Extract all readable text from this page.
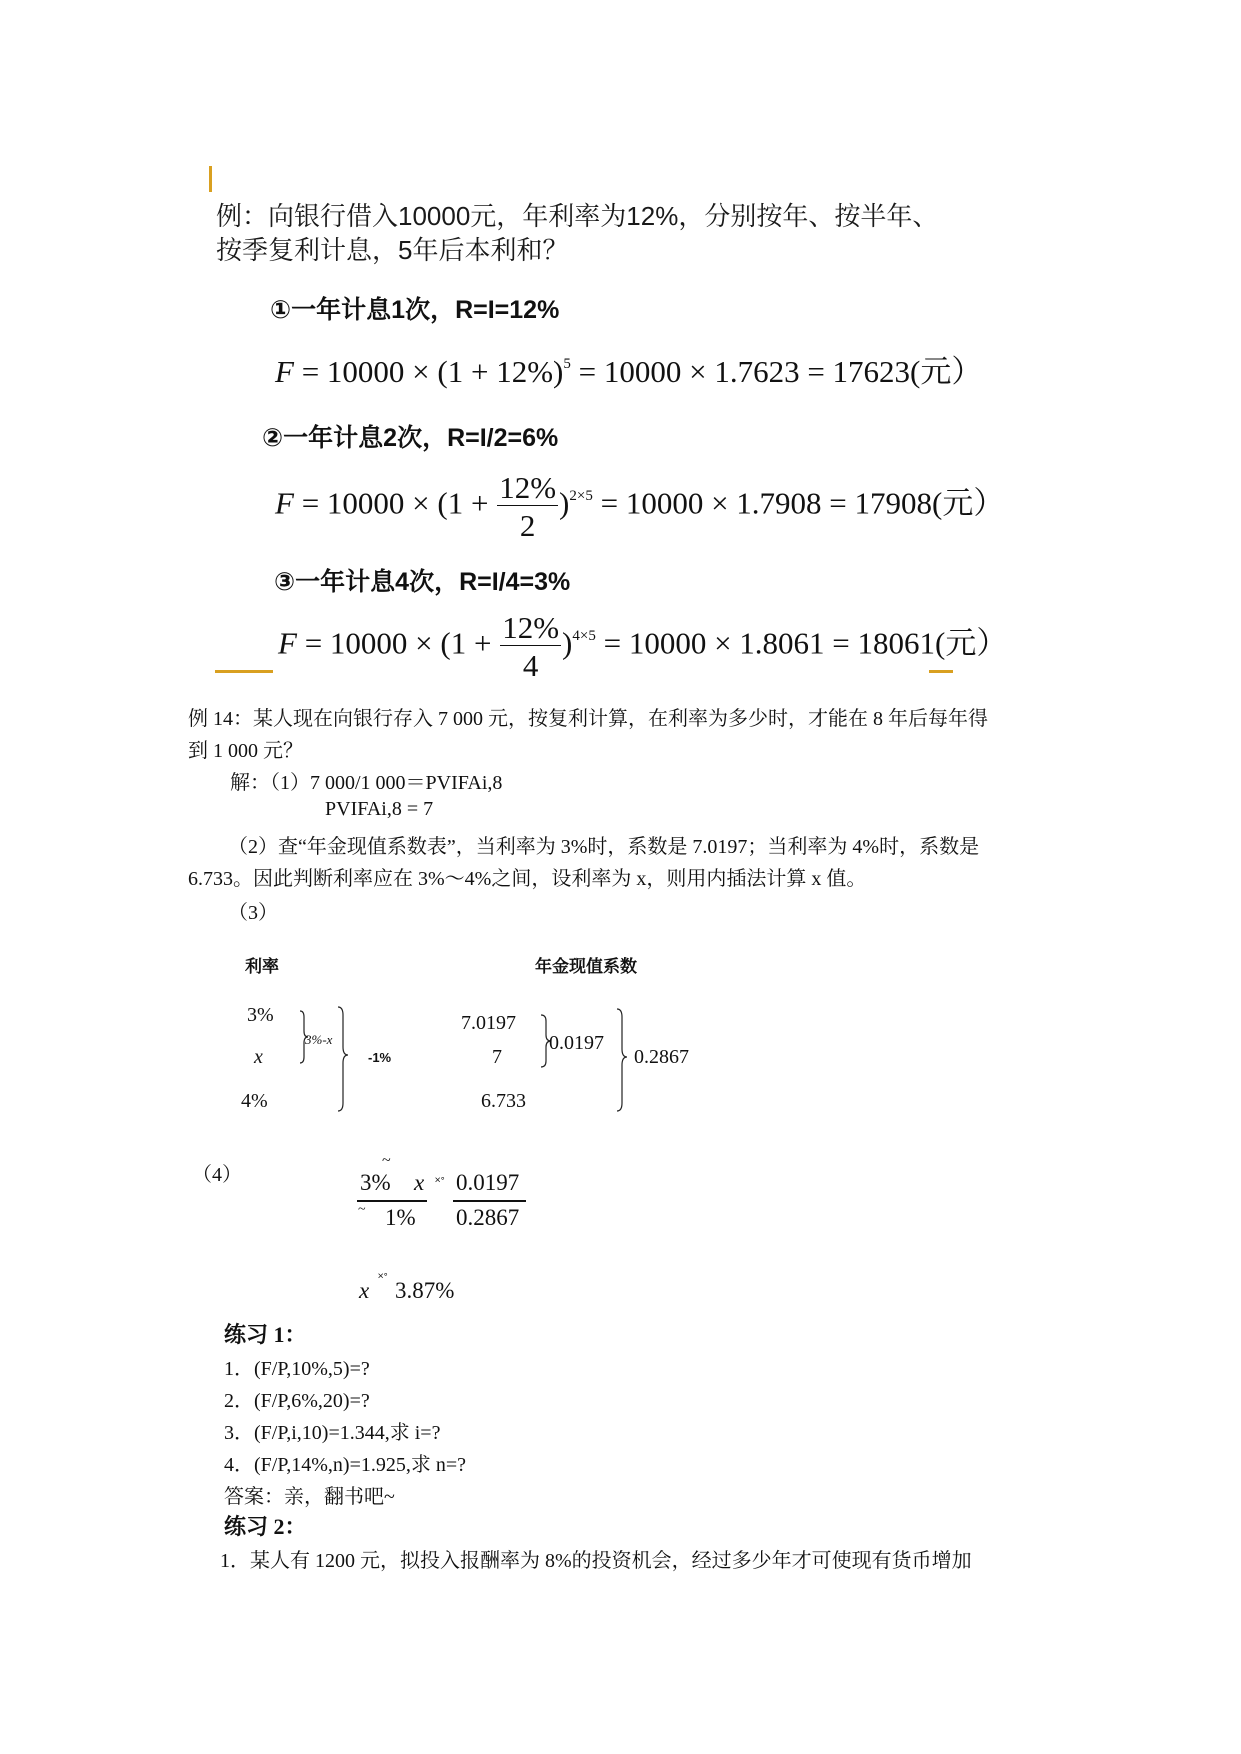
例：向银行借入10000元，年利率为12%，分别按年、按半年、
按季复利计息，5年后本利和？
①一年计息1次，R=I=12%
$F = 10000 \times (1 + 12\%)^5 = 10000 \times 1.7623 = 17623$(元）
②一年计息2次，R=I/2=6%
$F = 10000 \times (1 + \frac{12\%}{2} )^{2\times 5} = 10000 \times 1.7908 = 17908$(元）
③一年计息4次，R=I/4=3%
$F = 10000 \times (1 + \frac{12\%}{4} )^{4\times 5} = 10000 \times 1.8061 = 18061$(元）
例 14：某人现在向银行存入 7 000 元，按复利计算，在利率为多少时，才能在 8 年后每年得
到 1 000 元？
解：（1）7 000/1 000＝PVIFAi,8
PVIFAi,8 = 7
（2）查“年金现值系数表”，当利率为 3%时，系数是 7.0197；当利率为 4%时，系数是
6.733。因此判断利率应在 3%～4%之间，设利率为 x，则用内插法计算 x 值。
（3）
利率	年金现值系数
3%
x
4%
3%-x
-1%
7.0197
7
6.733
0.0197
0.2867
（4）
~
3% x ˟˚ 0.0197
~ 1% 0.2867
x ˟˚ 3.87%
练习 1：
1．(F/P,10%,5)=?
2．(F/P,6%,20)=?
3．(F/P,i,10)=1.344,求 i=?
4．(F/P,14%,n)=1.925,求 n=?
答案：亲，翻书吧~
练习 2：
1．某人有 1200 元，拟投入报酬率为 8%的投资机会，经过多少年才可使现有货币增加
